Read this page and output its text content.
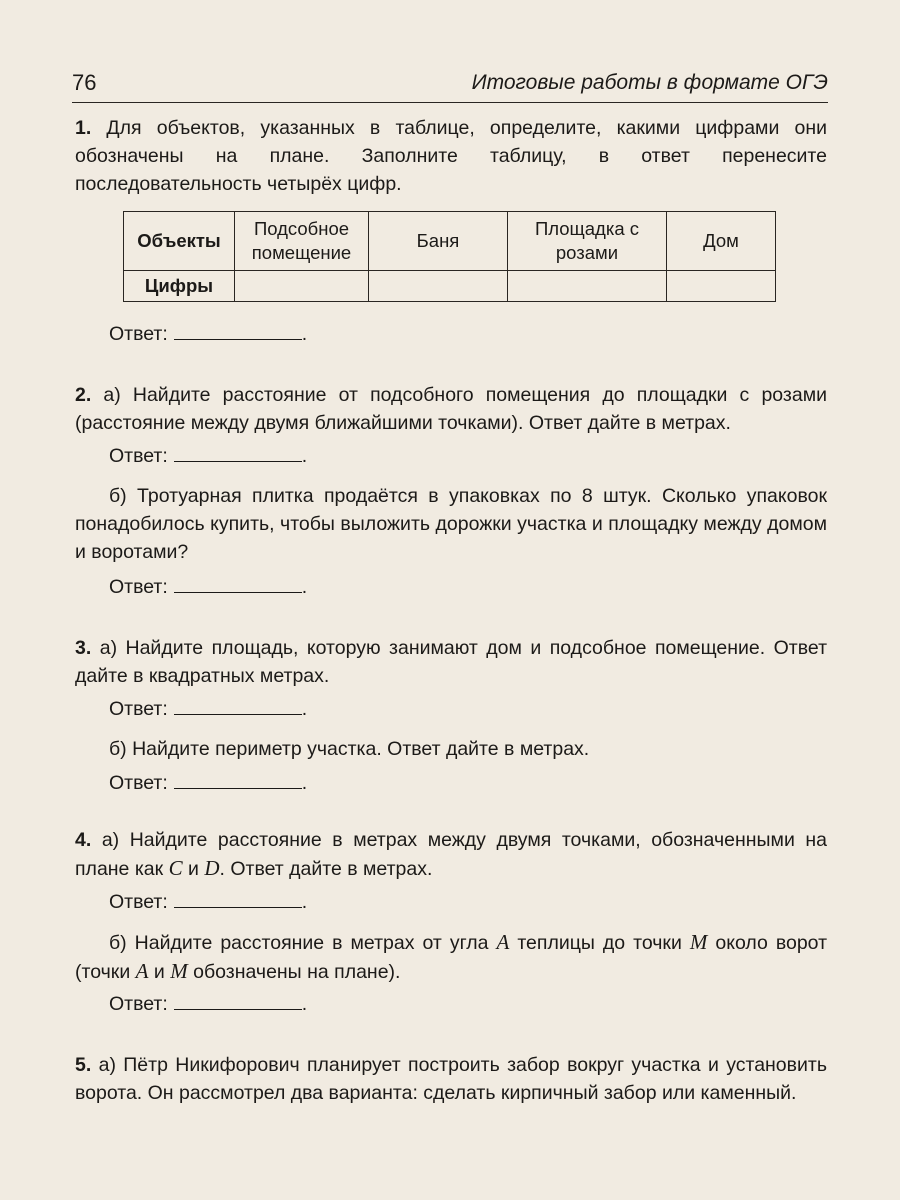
76	Итоговые работы в формате ОГЭ

1. Для объектов, указанных в таблице, определите, какими цифрами они обозначены на плане. Заполните таблицу, в ответ перенесите последовательность четырёх цифр.

Объекты	Подсобное помещение	Баня	Площадка с розами	Дом
Цифры				
Ответ:	.

2. а) Найдите расстояние от подсобного помещения до площадки с розами (расстояние между двумя ближайшими точками). Ответ дайте в метрах.

Ответ:	.

б) Тротуарная плитка продаётся в упаковках по 8 штук. Сколько упаковок понадобилось купить, чтобы выложить дорожки участка и площадку между домом и воротами?

Ответ:	.

3. а) Найдите площадь, которую занимают дом и подсобное помещение. Ответ дайте в квадратных метрах.

Ответ:	.

б) Найдите периметр участка. Ответ дайте в метрах.

Ответ:	.

4. а) Найдите расстояние в метрах между двумя точками, обозначенными на плане как C и D. Ответ дайте в метрах.

Ответ:	.

б) Найдите расстояние в метрах от угла A теплицы до точки M около ворот (точки A и M обозначены на плане).

Ответ:	.

5. а) Пётр Никифорович планирует построить забор вокруг участка и установить ворота. Он рассмотрел два варианта: сделать кирпичный забор или каменный.
